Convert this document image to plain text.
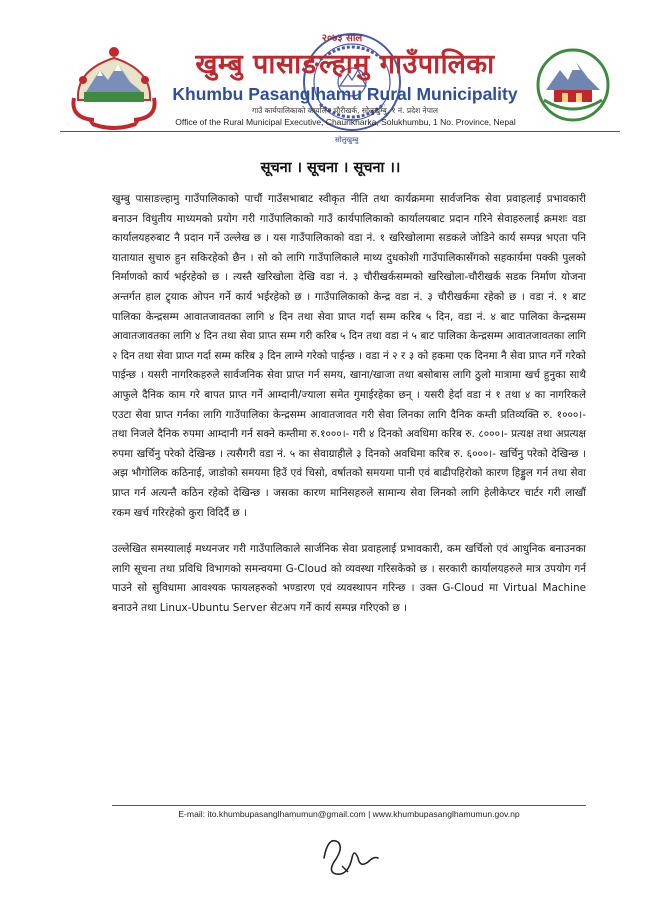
२०७३ साल
खुम्बु पासाङल्हामु गाउँपालिका
Khumbu Pasanglhamu Rural Municipality
गाउँ कार्यपालिकाको कार्यालय चौरीखर्क, सोलुखुम्बु, १ नं. प्रदेश नेपाल
Office of the Rural Municipal Executive, Chaurikharka, Solukhumbu, 1 No. Province, Nepal
सोलुखुम्बु
सूचना । सूचना । सूचना ।।

खुम्बु पासाङल्हामु गाउँपालिकाको पाचौं गाउँसभाबाट स्वीकृत नीति तथा कार्यक्रममा सार्वजनिक सेवा प्रवाहलाई प्रभावकारी बनाउन विधुतीय माध्यमको प्रयोग गरी गाउँपालिकाको गाउँ कार्यपालिकाको कार्यालयबाट प्रदान गरिने सेवाहरुलाई क्रमशः वडा कार्यालयहरुबाट नै प्रदान गर्ने उल्लेख छ । यस गाउँपालिकाको वडा नं. १ खरिखोलामा सडकले जोडिने कार्य सम्पन्न भएता पनि यातायात सुचारु हुन सकिरहेको छैन । सो को लागि गाउँपालिकाले माथ्य दुधकोशी गाउँपालिकासँगको सहकार्यमा पक्की पुलको निर्माणको कार्य भईरहेको छ । त्यस्तै खरिखोला देखि वडा नं. ३ चौरीखर्कसम्मको खरिखोला-चौरीखर्क सडक निर्माण योजना अन्तर्गत हाल ट्र्याक ओपन गर्ने कार्य भईरहेको छ । गाउँपालिकाको केन्द्र वडा नं. ३ चौरीखर्कमा रहेको छ । वडा नं. १ बाट पालिका केन्द्रसम्म आवातजावतका लागि ४ दिन तथा सेवा प्राप्त गर्दा सम्म करिब ५ दिन, वडा नं. ४ बाट पालिका केन्द्रसम्म आवातजावतका लागि ४ दिन तथा सेवा प्राप्त सम्म गरी करिब ५ दिन तथा वडा नं ५ बाट पालिका केन्द्रसम्म आवातजावतका लागि २ दिन तथा सेवा प्राप्त गर्दा सम्म करिब ३ दिन लाग्ने गरेको पाईन्छ । वडा नं २ र ३ को हकमा एक दिनमा नै सेवा प्राप्त गर्ने गरेको पाईन्छ । यसरी नागरिकहरुले सार्वजनिक सेवा प्राप्त गर्न समय, खाना/खाजा तथा बसोबास लागि ठुलो मात्रामा खर्च हुनुका साथै आफुले दैनिक काम गरे बापत प्राप्त गर्ने आम्दानी/ज्याला समेत गुमाईरहेका छन् । यसरी हेर्दा वडा नं १ तथा ४ का नागरिकले एउटा सेवा प्राप्त गर्नका लागि गाउँपालिका केन्द्रसम्म आवातजावत गरी सेवा लिनका लागि दैनिक कम्ती प्रतिव्यक्ति रु. १०००।- तथा निजले दैनिक रुपमा आम्दानी गर्न सक्ने कम्तीमा रु.१०००।- गरी ४ दिनको अवधिमा करिब रु. ८०००।- प्रत्यक्ष तथा अप्रत्यक्ष रुपमा खर्चिनु परेको देखिन्छ । त्यसैगरी वडा नं. ५ का सेवाग्राहीले ३ दिनको अवधिमा करिब रु. ६०००।- खर्चिनु परेको देखिन्छ । अझ भौगोलिक कठिनाई, जाडोको समयमा हिउँ एवं चिसो, वर्षातको समयमा पानी एवं बाढीपहिरोको कारण हिड्डुल गर्न तथा सेवा प्राप्त गर्न अत्यन्तै कठिन रहेको देखिन्छ । जसका कारण मानिसहरुले सामान्य सेवा लिनको लागि हेलीकेप्टर चार्टर गरी लाखौं रकम खर्च गरिरहेको कुरा विदिर्दै छ ।

उल्लेखित समस्यालाई मध्यनजर गरी गाउँपालिकाले सार्जनिक सेवा प्रवाहलाई प्रभावकारी, कम खर्चिलो एवं आधुनिक बनाउनका लागि सूचना तथा प्रविधि विभागको समन्वयमा G-Cloud को व्यवस्था गरिसकेको छ । सरकारी कार्यालयहरुले मात्र उपयोग गर्न पाउने सो सुविधामा आवश्यक फायलहरुको भण्डारण एवं व्यवस्थापन गरिन्छ । उक्त G-Cloud मा Virtual Machine बनाउने तथा Linux-Ubuntu Server सेटअप गर्ने कार्य सम्पन्न गरिएको छ ।

E-mail: ito.khumbupasanglhamumun@gmail.com | www.khumbupasanglhamumun.gov.np
